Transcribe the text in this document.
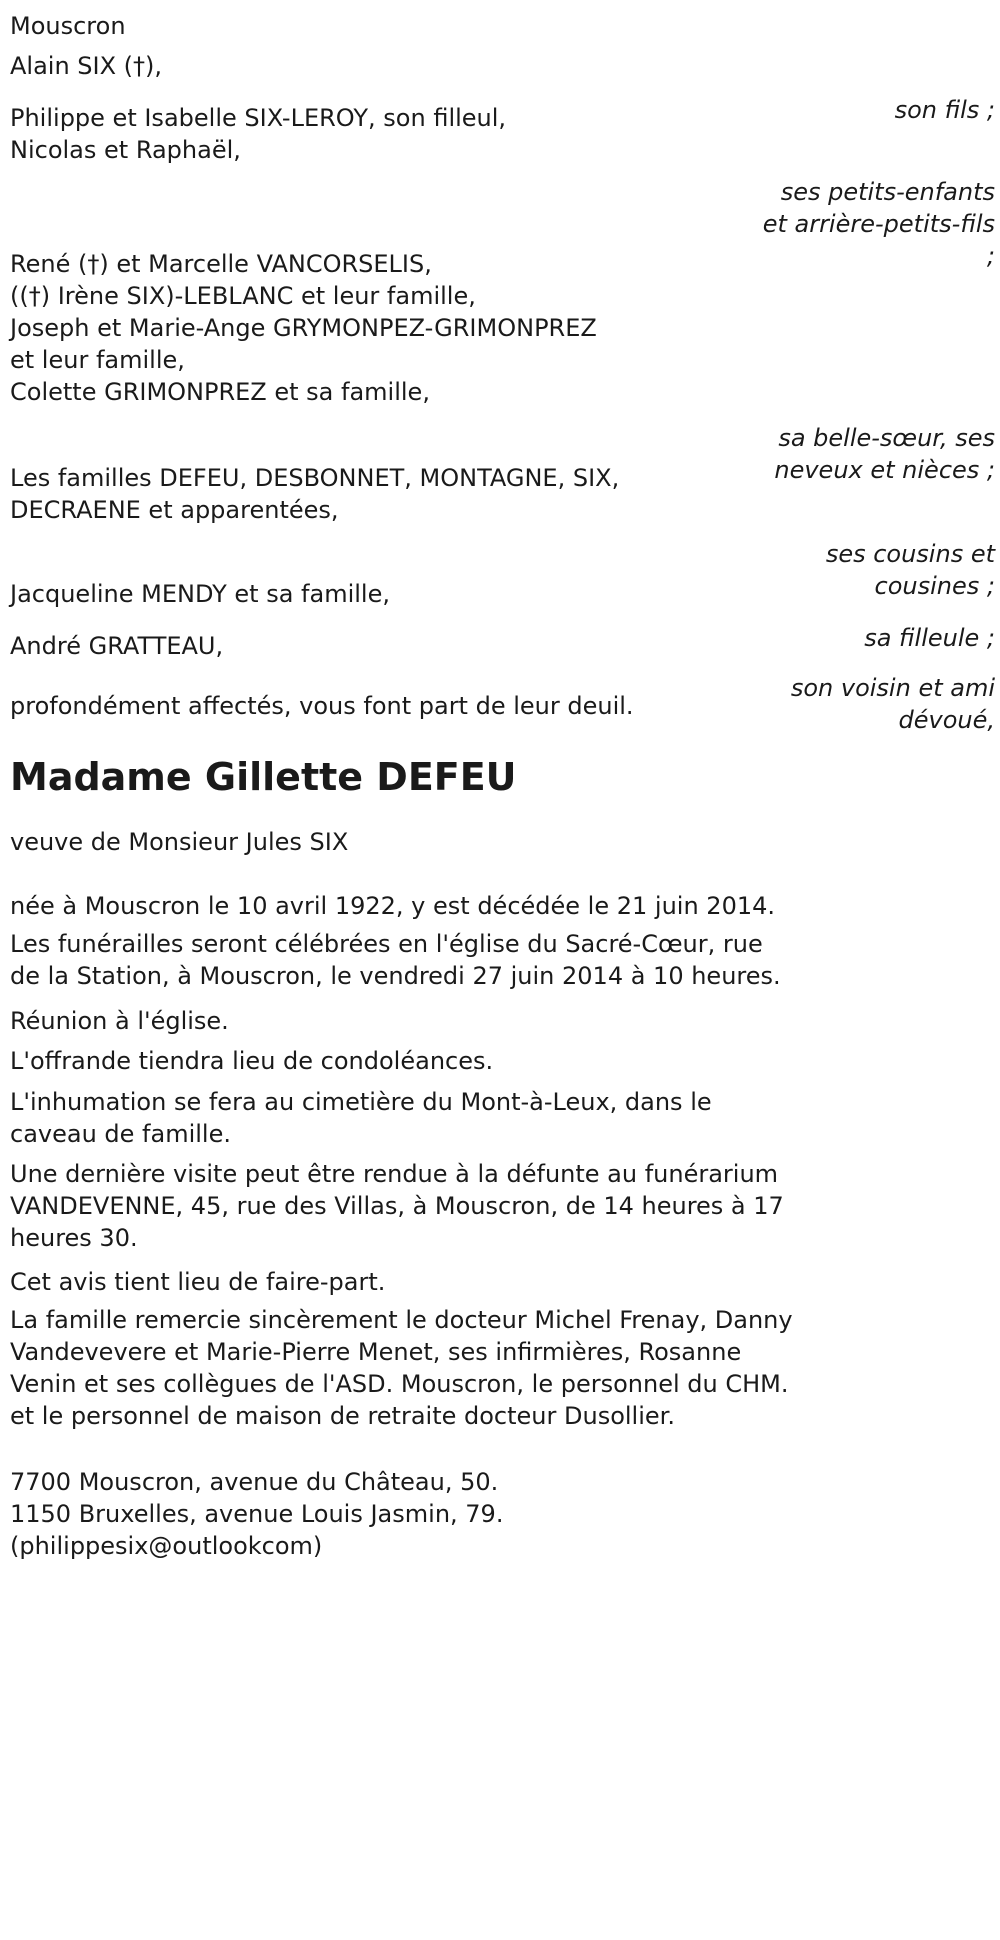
Mouscron

Alain SIX (†),

son fils ;

Philippe et Isabelle SIX-LEROY, son filleul,

Nicolas et Raphaël,

ses petits-enfants

et arrière-petits-fils

;

René (†) et Marcelle VANCORSELIS,

((†) Irène SIX)-LEBLANC et leur famille,

Joseph et Marie-Ange GRYMONPEZ-GRIMONPREZ

et leur famille,

Colette GRIMONPREZ et sa famille,

sa belle-sœur, ses

neveux et nièces ;

Les familles DEFEU, DESBONNET, MONTAGNE, SIX,

DECRAENE et apparentées,

ses cousins et

cousines ;

Jacqueline MENDY et sa famille,

sa filleule ;

André GRATTEAU,

son voisin et ami

dévoué,

profondément affectés, vous font part de leur deuil.

Madame Gillette DEFEU

veuve de Monsieur Jules SIX

née à Mouscron le 10 avril 1922, y est décédée le 21 juin 2014.

Les funérailles seront célébrées en l'église du Sacré-Cœur, rue de la Station, à Mouscron, le vendredi 27 juin 2014 à 10 heures.

Réunion à l'église.

L'offrande tiendra lieu de condoléances.

L'inhumation se fera au cimetière du Mont-à-Leux, dans le caveau de famille.

Une dernière visite peut être rendue à la défunte au funérarium VANDEVENNE, 45, rue des Villas, à Mouscron, de 14 heures à 17 heures 30.

Cet avis tient lieu de faire-part.

La famille remercie sincèrement le docteur Michel Frenay, Danny Vandevevere et Marie-Pierre Menet, ses infirmières, Rosanne Venin et ses collègues de l'ASD. Mouscron, le personnel du CHM. et le personnel de maison de retraite docteur Dusollier.

7700 Mouscron, avenue du Château, 50.

1150 Bruxelles, avenue Louis Jasmin, 79.

(philippesix@outlookcom)
